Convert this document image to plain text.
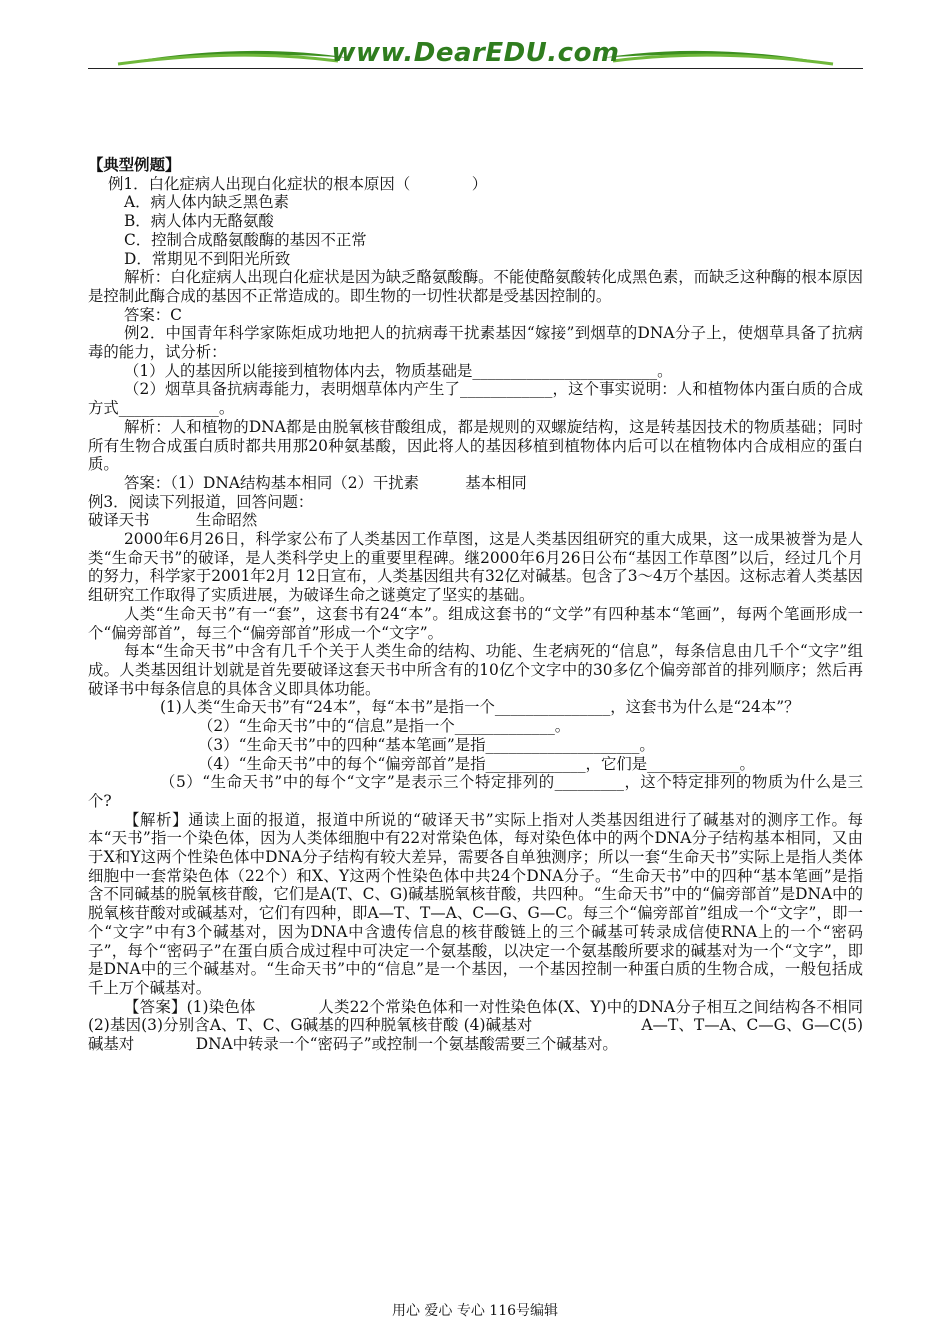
www.DearEDU.com

【典型例题】

例1．白化症病人出现白化症状的根本原因（　　　　）

A．病人体内缺乏黑色素

B．病人体内无酪氨酸

C．控制合成酪氨酸酶的基因不正常

D．常期见不到阳光所致

解析：白化症病人出现白化症状是因为缺乏酪氨酸酶。不能使酪氨酸转化成黑色素，而缺乏这种酶的根本原因是控制此酶合成的基因不正常造成的。即生物的一切性状都是受基因控制的。

答案：C

例2．中国青年科学家陈炬成功地把人的抗病毒干扰素基因“嫁接”到烟草的DNA分子上，使烟草具备了抗病毒的能力，试分析：

（1）人的基因所以能接到植物体内去，物质基础是________________________。

（2）烟草具备抗病毒能力，表明烟草体内产生了____________，这个事实说明：人和植物体内蛋白质的合成方式_____________。

解析：人和植物的DNA都是由脱氧核苷酸组成，都是规则的双螺旋结构，这是转基因技术的物质基础；同时所有生物合成蛋白质时都共用那20种氨基酸，因此将人的基因移植到植物体内后可以在植物体内合成相应的蛋白质。

答案：（1）DNA结构基本相同（2）干扰素　　　基本相同

例3．阅读下列报道，回答问题：

破译天书　　　生命昭然

2000年6月26日，科学家公布了人类基因工作草图，这是人类基因组研究的重大成果，这一成果被誉为是人类“生命天书”的破译，是人类科学史上的重要里程碑。继2000年6月26日公布“基因工作草图”以后，经过几个月的努力，科学家于2001年2月 12日宣布，人类基因组共有32亿对碱基。包含了3～4万个基因。这标志着人类基因组研究工作取得了实质进展，为破译生命之谜奠定了坚实的基础。

人类“生命天书”有一“套”，这套书有24“本”。组成这套书的“文学”有四种基本“笔画”，每两个笔画形成一个“偏旁部首”，每三个“偏旁部首”形成一个“文字”。

每本“生命天书”中含有几千个关于人类生命的结构、功能、生老病死的“信息”，每条信息由几千个“文字”组成。人类基因组计划就是首先要破译这套天书中所含有的10亿个文字中的30多亿个偏旁部首的排列顺序；然后再破译书中每条信息的具体含义即具体功能。

(1)人类“生命天书”有“24本”，每“本书”是指一个_______________，这套书为什么是“24本”？

（2）“生命天书”中的“信息”是指一个_____________。

（3）“生命天书”中的四种“基本笔画”是指____________________。

（4）“生命天书”中的每个“偏旁部首”是指_____________，它们是____________。

（5）“生命天书”中的每个“文字”是表示三个特定排列的_________，这个特定排列的物质为什么是三个?

【解析】通读上面的报道，报道中所说的“破译天书”实际上指对人类基因组进行了碱基对的测序工作。每本“天书”指一个染色体，因为人类体细胞中有22对常染色体，每对染色体中的两个DNA分子结构基本相同，又由于X和Y这两个性染色体中DNA分子结构有较大差异，需要各自单独测序；所以一套“生命天书”实际上是指人类体细胞中一套常染色体（22个）和X、Y这两个性染色体中共24个DNA分子。“生命天书”中的四种“基本笔画”是指含不同碱基的脱氧核苷酸，它们是A(T、C、G)碱基脱氧核苷酸，共四种。“生命天书”中的“偏旁部首”是DNA中的脱氧核苷酸对或碱基对，它们有四种，即A—T、T—A、C—G、G—C。每三个“偏旁部首”组成一个“文字”，即一个“文字”中有3个碱基对，因为DNA中含遗传信息的核苷酸链上的三个碱基可转录成信使RNA上的一个“密码子”，每个“密码子”在蛋白质合成过程中可决定一个氨基酸，以决定一个氨基酸所要求的碱基对为一个“文字”，即是DNA中的三个碱基对。“生命天书”中的“信息”是一个基因，一个基因控制一种蛋白质的生物合成，一般包括成千上万个碱基对。

【答案】(1)染色体　　　　人类22个常染色体和一对性染色体(X、Y)中的DNA分子相互之间结构各不相同(2)基因(3)分别含A、T、C、G碱基的四种脱氧核苷酸 (4)碱基对　　　　　　　A—T、T—A、C—G、G—C(5)碱基对　　　　DNA中转录一个“密码子”或控制一个氨基酸需要三个碱基对。

用心 爱心 专心 116号编辑
